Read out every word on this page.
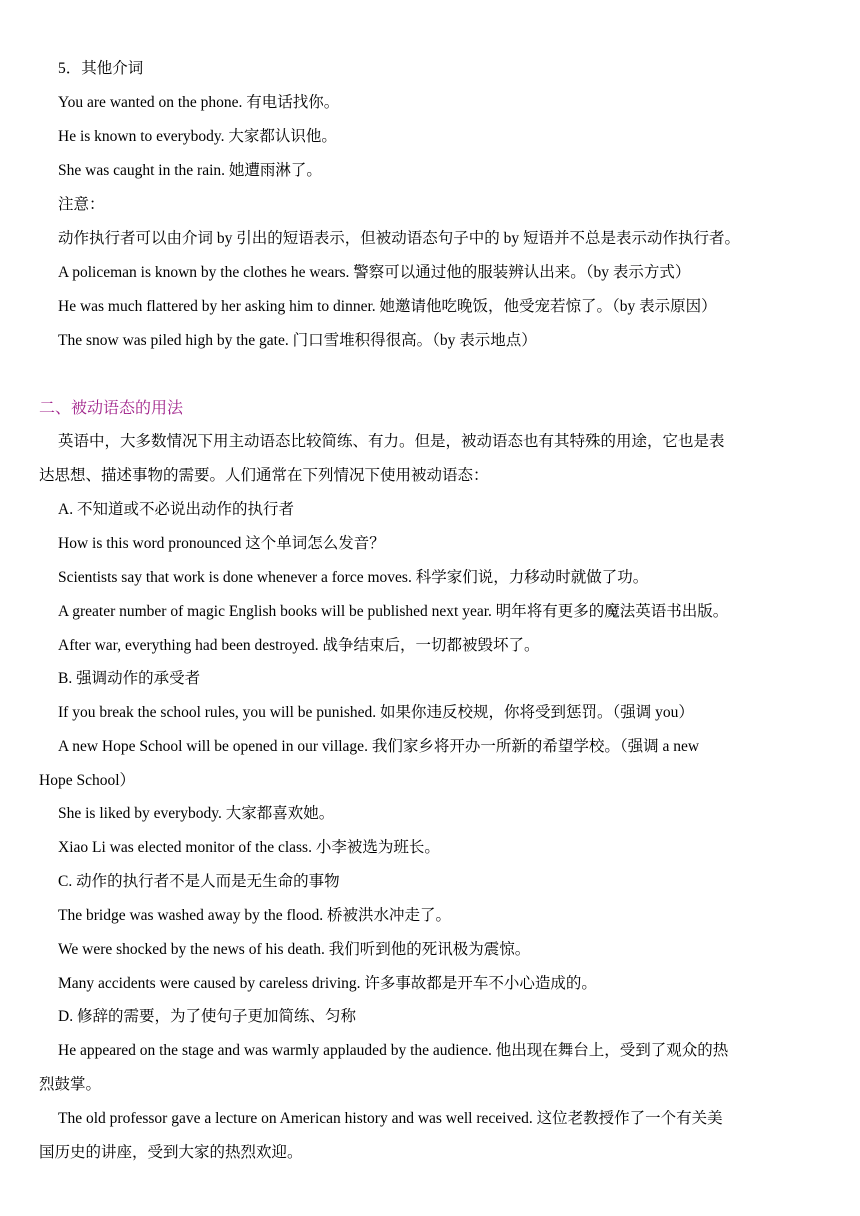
5．其他介词
You are wanted on the phone. 有电话找你。
He is known to everybody. 大家都认识他。
She was caught in the rain. 她遭雨淋了。
注意：
动作执行者可以由介词 by 引出的短语表示，但被动语态句子中的 by 短语并不总是表示动作执行者。
A policeman is known by the clothes he wears. 警察可以通过他的服装辨认出来。（by 表示方式）
He was much flattered by her asking him to dinner. 她邀请他吃晚饭，他受宠若惊了。（by 表示原因）
The snow was piled high by the gate. 门口雪堆积得很高。（by 表示地点）
二、被动语态的用法
英语中，大多数情况下用主动语态比较简练、有力。但是，被动语态也有其特殊的用途，它也是表
达思想、描述事物的需要。人们通常在下列情况下使用被动语态：
A. 不知道或不必说出动作的执行者
How is this word pronounced 这个单词怎么发音？
Scientists say that work is done whenever a force moves. 科学家们说，力移动时就做了功。
A greater number of magic English books will be published next year. 明年将有更多的魔法英语书出版。
After war, everything had been destroyed. 战争结束后，一切都被毁坏了。
B. 强调动作的承受者
If you break the school rules, you will be punished. 如果你违反校规，你将受到惩罚。（强调 you）
A new Hope School will be opened in our village. 我们家乡将开办一所新的希望学校。（强调 a new
Hope School）
She is liked by everybody. 大家都喜欢她。
Xiao Li was elected monitor of the class. 小李被选为班长。
C. 动作的执行者不是人而是无生命的事物
The bridge was washed away by the flood. 桥被洪水冲走了。
We were shocked by the news of his death. 我们听到他的死讯极为震惊。
Many accidents were caused by careless driving. 许多事故都是开车不小心造成的。
D. 修辞的需要，为了使句子更加简练、匀称
He appeared on the stage and was warmly applauded by the audience. 他出现在舞台上，受到了观众的热
烈鼓掌。
The old professor gave a lecture on American history and was well received. 这位老教授作了一个有关美
国历史的讲座，受到大家的热烈欢迎。
